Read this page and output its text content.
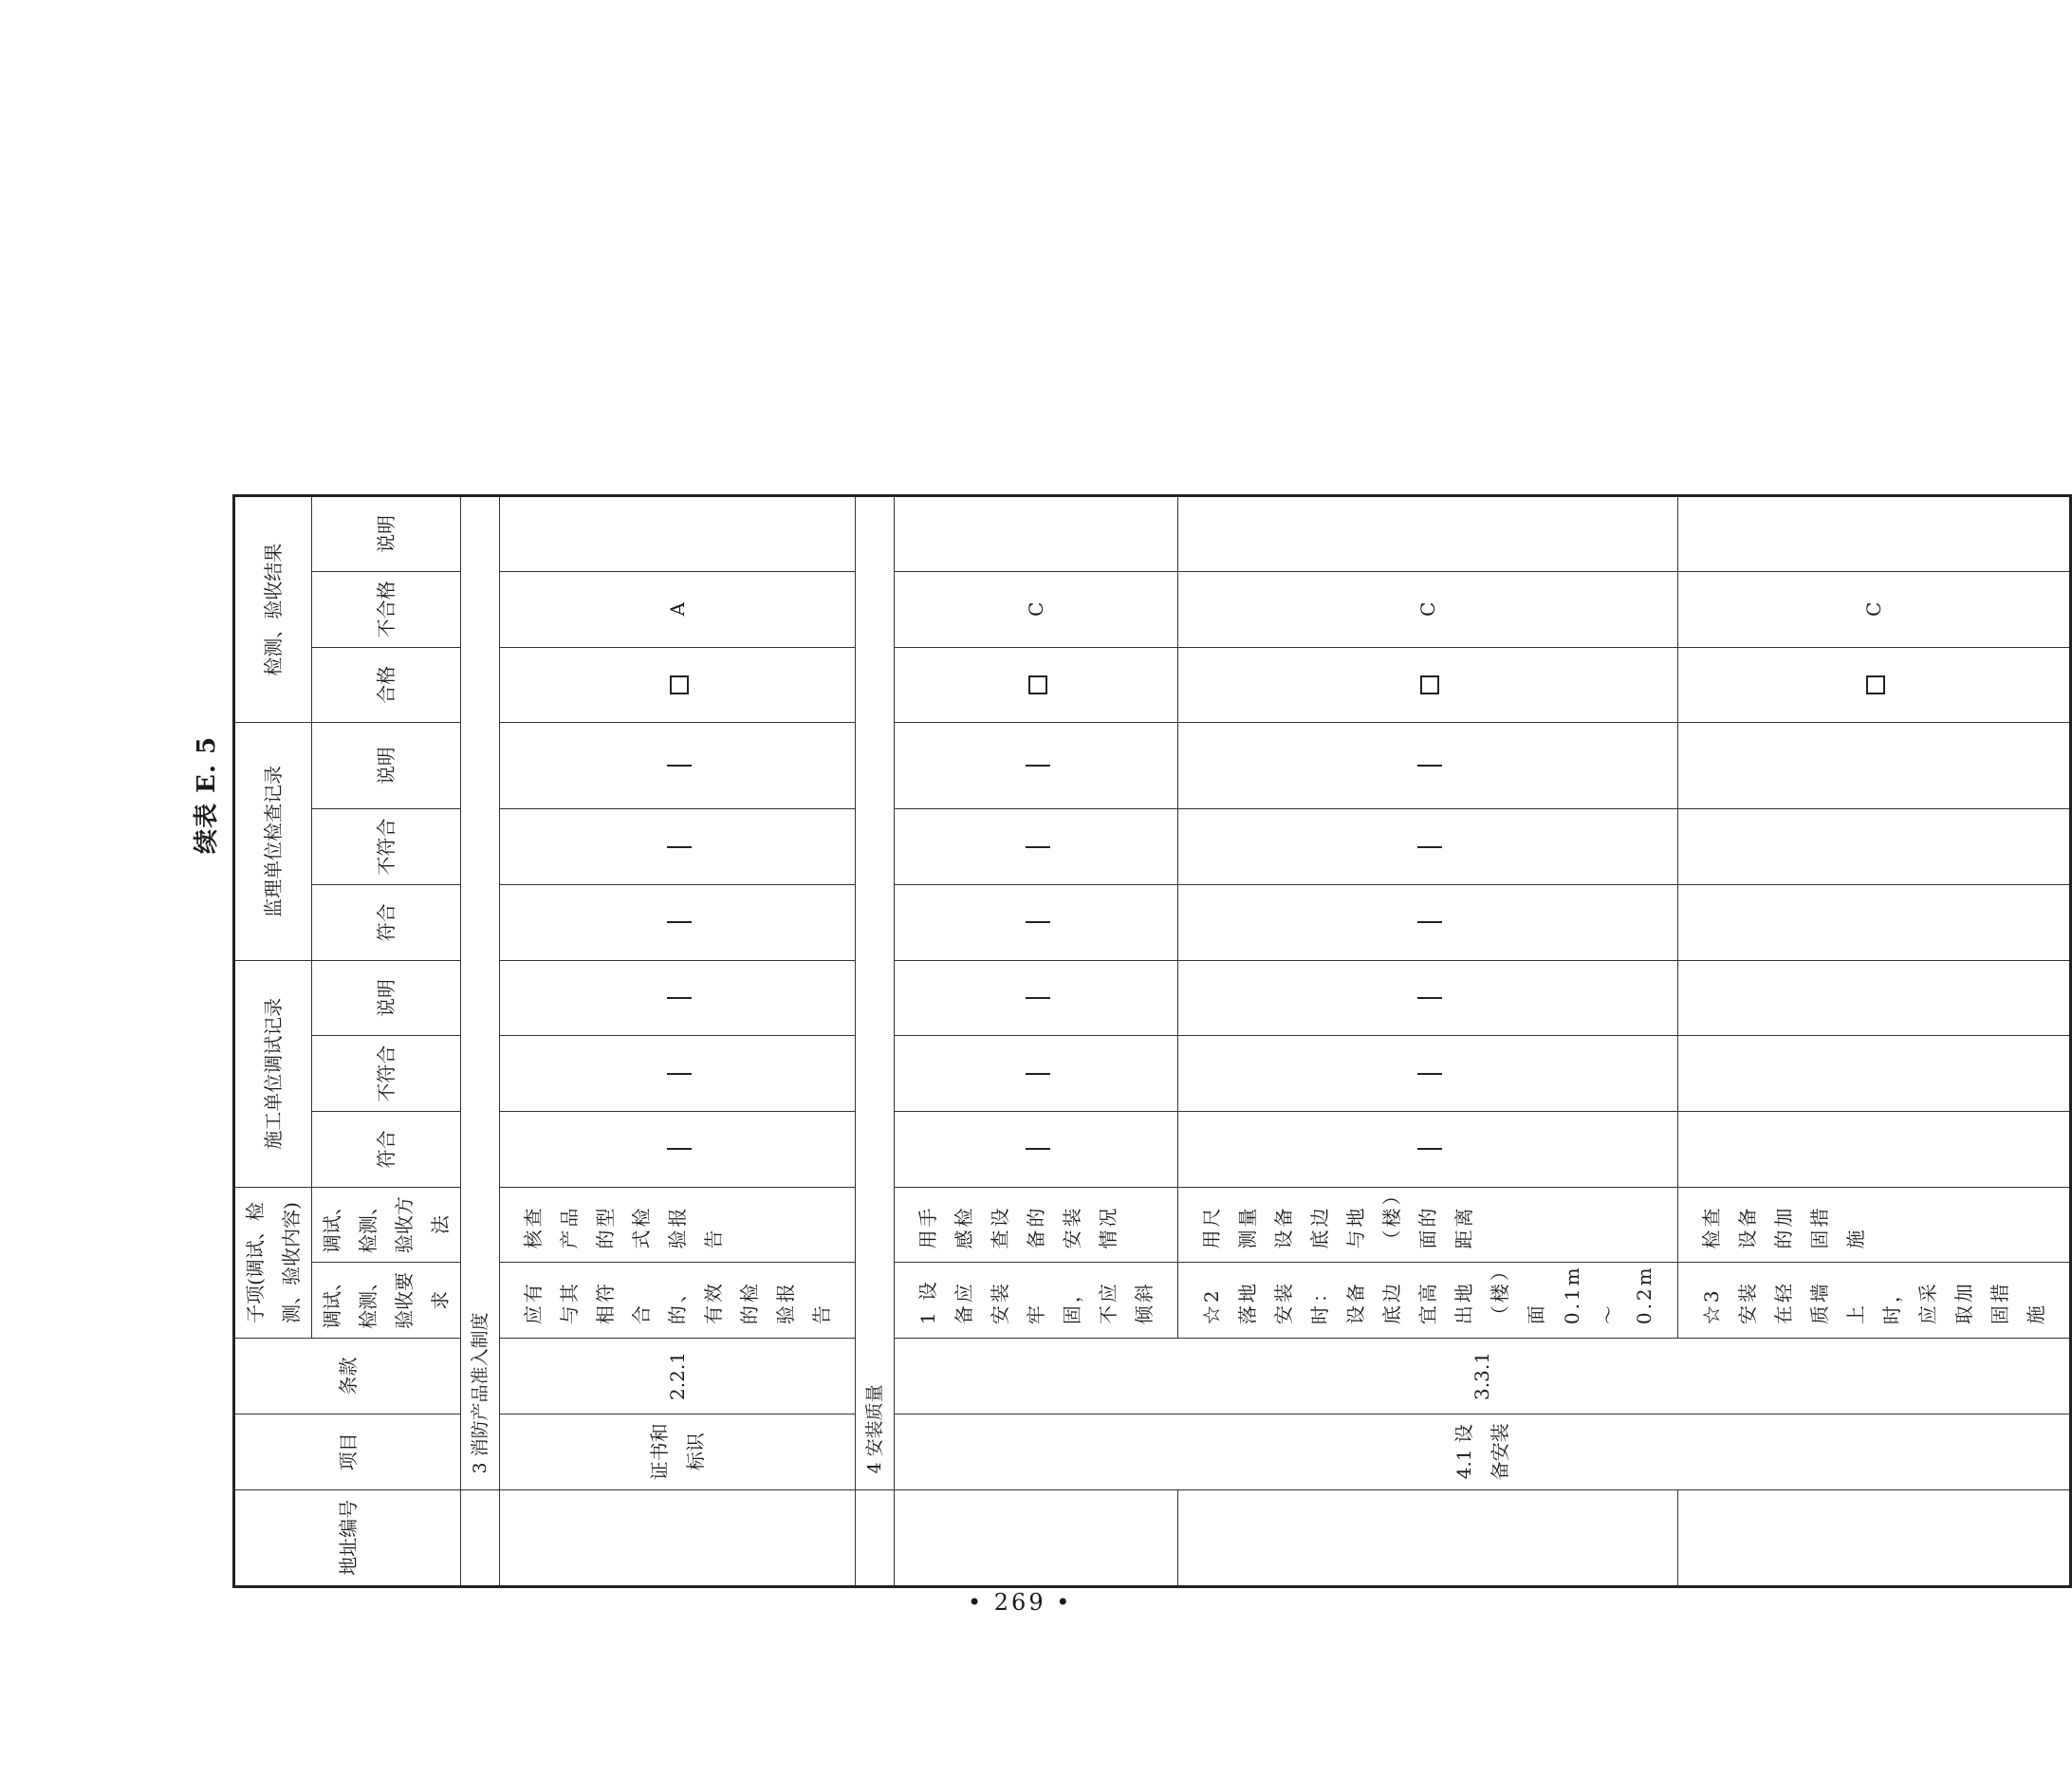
续表 E. 5
地址编号	项目	条款	子项(调试、检测、验收内容)		施工单位调试记录			监理单位检查记录			检测、验收结果		
			调试、检测、验收要求	调试、检测、验收方法	符合	不符合	说明	符合	不符合	说明	合格	不合格	说明
	3 消防产品准入制度												
	证书和标识	2.2.1	应有与其相符合的、有效的检验报告	核查产品的型式检验报告								A	
	4 安装质量												
	4.1 设备安装	3.3.1	1 设备应安装牢固，不应倾斜	用手感检查设备的安装情况								C	
			☆2 落地安装时：设备底边宜高出地（楼）面 0.1m～0.2m	用尺测量设备底边与地（楼）面的距离								C	
			☆3 安装在轻质墙上时，应采取加固措施	检查设备的加固措施								C	
• 269 •
